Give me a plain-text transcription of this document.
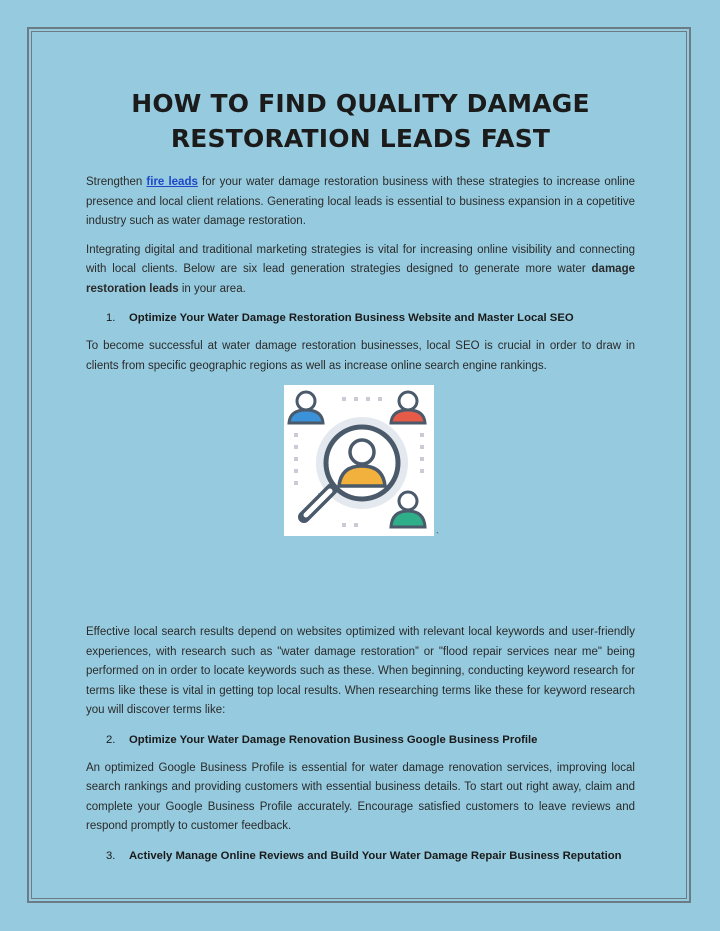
HOW TO FIND QUALITY DAMAGE
RESTORATION LEADS FAST

Strengthen fire leads for your water damage restoration business with these strategies to increase online presence and local client relations. Generating local leads is essential to business expansion in a copetitive industry such as water damage restoration.

Integrating digital and traditional marketing strategies is vital for increasing online visibility and connecting with local clients. Below are six lead generation strategies designed to generate more water damage restoration leads in your area.

1. Optimize Your Water Damage Restoration Business Website and Master Local SEO

To become successful at water damage restoration businesses, local SEO is crucial in order to draw in clients from specific geographic regions as well as increase online search engine rankings.

`

Effective local search results depend on websites optimized with relevant local keywords and user-friendly experiences, with research such as "water damage restoration” or "flood repair services near me" being performed on in order to locate keywords such as these. When beginning, conducting keyword research for terms like these is vital in getting top local results. When researching terms like these for keyword research you will discover terms like:

2. Optimize Your Water Damage Renovation Business Google Business Profile

An optimized Google Business Profile is essential for water damage renovation services, improving local search rankings and providing customers with essential business details. To start out right away, claim and complete your Google Business Profile accurately. Encourage satisfied customers to leave reviews and respond promptly to customer feedback.

3. Actively Manage Online Reviews and Build Your Water Damage Repair Business Reputation
